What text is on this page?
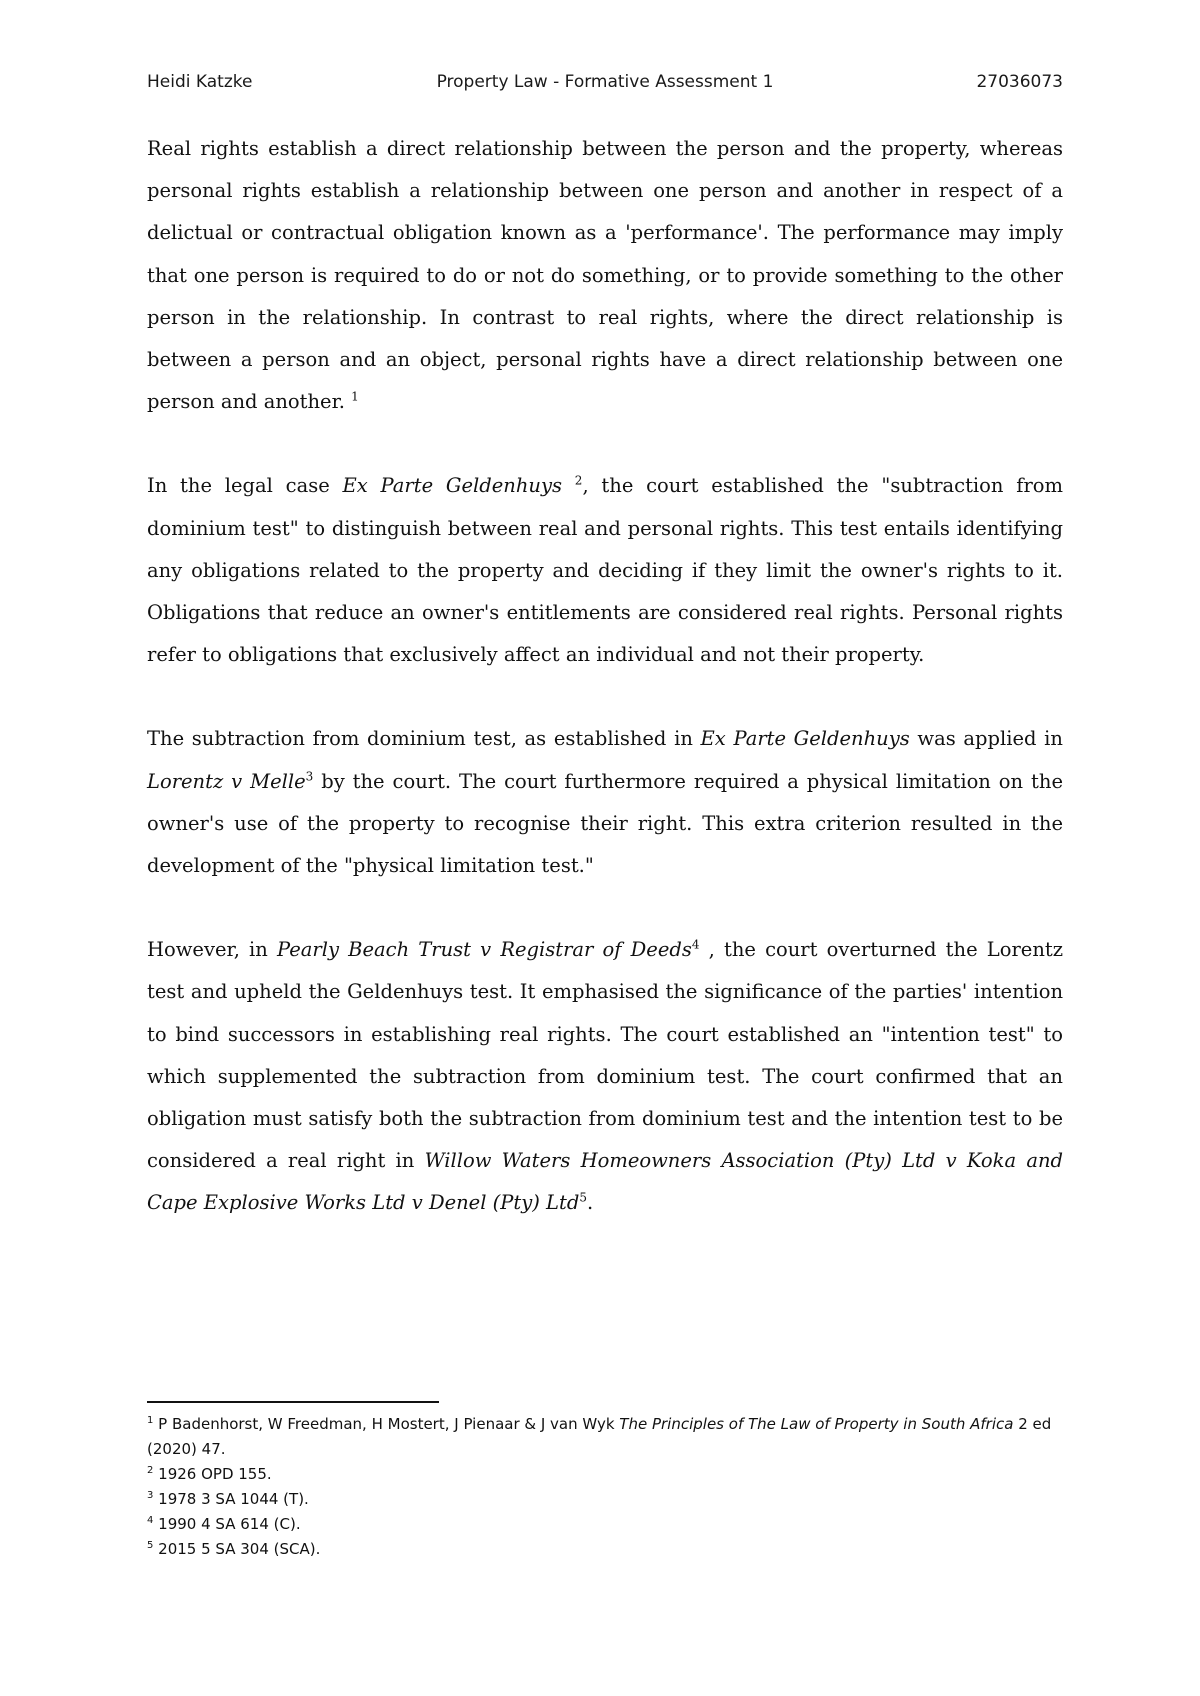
Heidi Katzke	Property Law - Formative Assessment 1	27036073

Real rights establish a direct relationship between the person and the property, whereas personal rights establish a relationship between one person and another in respect of a delictual or contractual obligation known as a 'performance'. The performance may imply that one person is required to do or not do something, or to provide something to the other person in the relationship. In contrast to real rights, where the direct relationship is between a person and an object, personal rights have a direct relationship between one person and another. $^1$

In the legal case Ex Parte Geldenhuys $^2$, the court established the "subtraction from dominium test" to distinguish between real and personal rights. This test entails identifying any obligations related to the property and deciding if they limit the owner's rights to it. Obligations that reduce an owner's entitlements are considered real rights. Personal rights refer to obligations that exclusively affect an individual and not their property.

The subtraction from dominium test, as established in Ex Parte Geldenhuys was applied in Lorentz v Melle$^3$ by the court. The court furthermore required a physical limitation on the owner's use of the property to recognise their right. This extra criterion resulted in the development of the "physical limitation test."

However, in Pearly Beach Trust v Registrar of Deeds$^4$ , the court overturned the Lorentz test and upheld the Geldenhuys test. It emphasised the significance of the parties' intention to bind successors in establishing real rights. The court established an "intention test" to which supplemented the subtraction from dominium test. The court confirmed that an obligation must satisfy both the subtraction from dominium test and the intention test to be considered a real right in Willow Waters Homeowners Association (Pty) Ltd v Koka and Cape Explosive Works Ltd v Denel (Pty) Ltd$^5$.

$^1$ P Badenhorst, W Freedman, H Mostert, J Pienaar & J van Wyk The Principles of The Law of Property in South Africa 2 ed (2020) 47.
$^2$ 1926 OPD 155.
$^3$ 1978 3 SA 1044 (T).
$^4$ 1990 4 SA 614 (C).
$^5$ 2015 5 SA 304 (SCA).
